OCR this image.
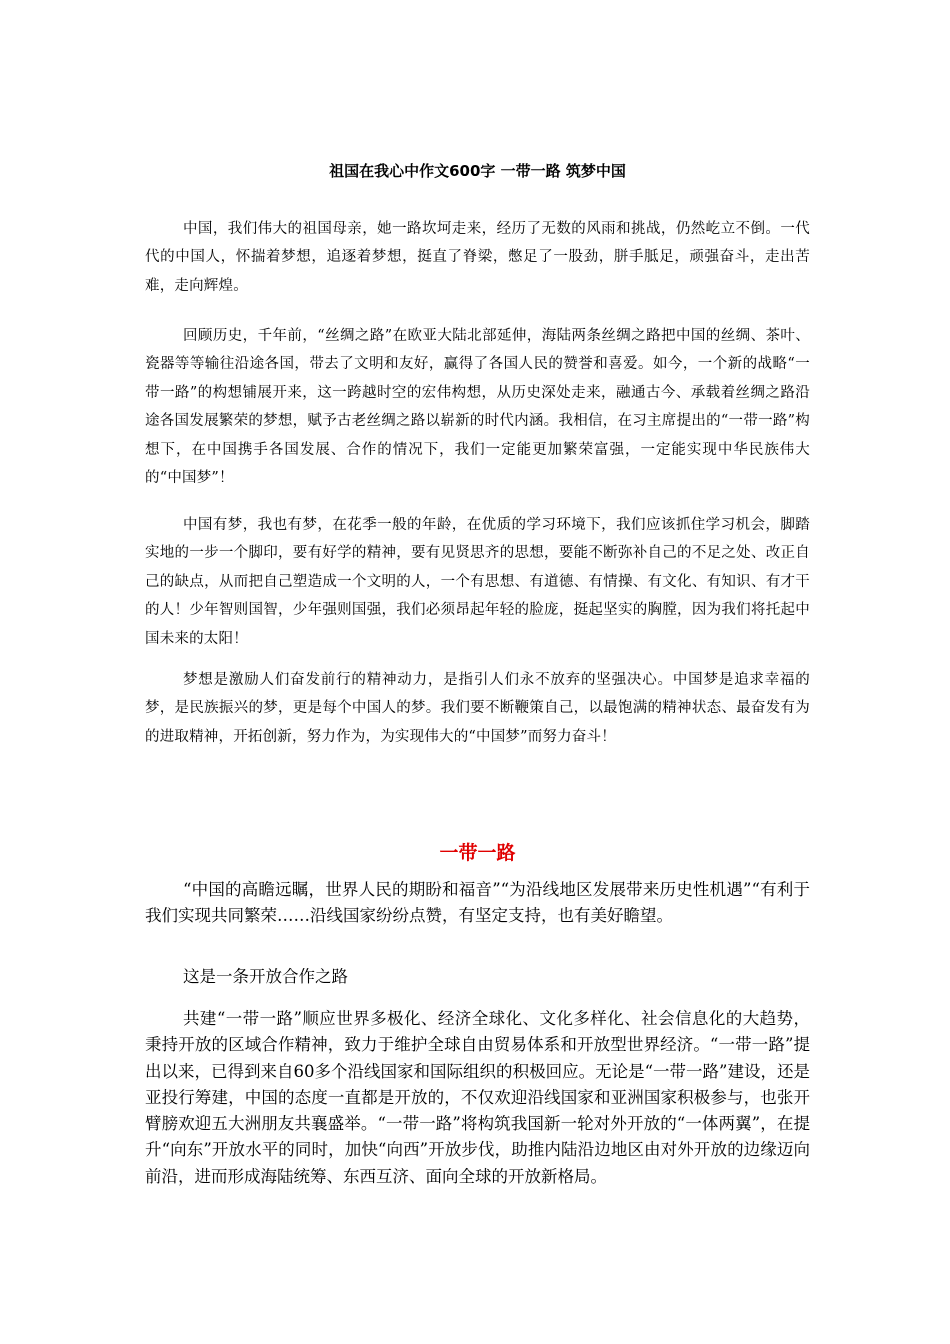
祖国在我心中作文600字 一带一路 筑梦中国

中国，我们伟大的祖国母亲，她一路坎坷走来，经历了无数的风雨和挑战，仍然屹立不倒。一代代的中国人，怀揣着梦想，追逐着梦想，挺直了脊梁，憋足了一股劲，胼手胝足，顽强奋斗，走出苦难，走向辉煌。

回顾历史，千年前，“丝绸之路”在欧亚大陆北部延伸，海陆两条丝绸之路把中国的丝绸、茶叶、瓷器等等输往沿途各国，带去了文明和友好，赢得了各国人民的赞誉和喜爱。如今，一个新的战略“一带一路”的构想铺展开来，这一跨越时空的宏伟构想，从历史深处走来，融通古今、承载着丝绸之路沿途各国发展繁荣的梦想，赋予古老丝绸之路以崭新的时代内涵。我相信，在习主席提出的“一带一路”构想下，在中国携手各国发展、合作的情况下，我们一定能更加繁荣富强，一定能实现中华民族伟大的“中国梦”！

中国有梦，我也有梦，在花季一般的年龄，在优质的学习环境下，我们应该抓住学习机会，脚踏实地的一步一个脚印，要有好学的精神，要有见贤思齐的思想，要能不断弥补自己的不足之处、改正自己的缺点，从而把自己塑造成一个文明的人，一个有思想、有道德、有情操、有文化、有知识、有才干的人！少年智则国智，少年强则国强，我们必须昂起年轻的脸庞，挺起坚实的胸膛，因为我们将托起中国未来的太阳！

梦想是激励人们奋发前行的精神动力，是指引人们永不放弃的坚强决心。中国梦是追求幸福的梦，是民族振兴的梦，更是每个中国人的梦。我们要不断鞭策自己，以最饱满的精神状态、最奋发有为的进取精神，开拓创新，努力作为，为实现伟大的“中国梦”而努力奋斗！

一带一路

“中国的高瞻远瞩，世界人民的期盼和福音”“为沿线地区发展带来历史性机遇”“有利于我们实现共同繁荣……沿线国家纷纷点赞，有坚定支持，也有美好瞻望。

这是一条开放合作之路

共建“一带一路”顺应世界多极化、经济全球化、文化多样化、社会信息化的大趋势，秉持开放的区域合作精神，致力于维护全球自由贸易体系和开放型世界经济。“一带一路”提出以来，已得到来自60多个沿线国家和国际组织的积极回应。无论是“一带一路”建设，还是亚投行筹建，中国的态度一直都是开放的，不仅欢迎沿线国家和亚洲国家积极参与，也张开臂膀欢迎五大洲朋友共襄盛举。“一带一路”将构筑我国新一轮对外开放的“一体两翼”，在提升“向东”开放水平的同时，加快“向西”开放步伐，助推内陆沿边地区由对外开放的边缘迈向前沿，进而形成海陆统筹、东西互济、面向全球的开放新格局。
